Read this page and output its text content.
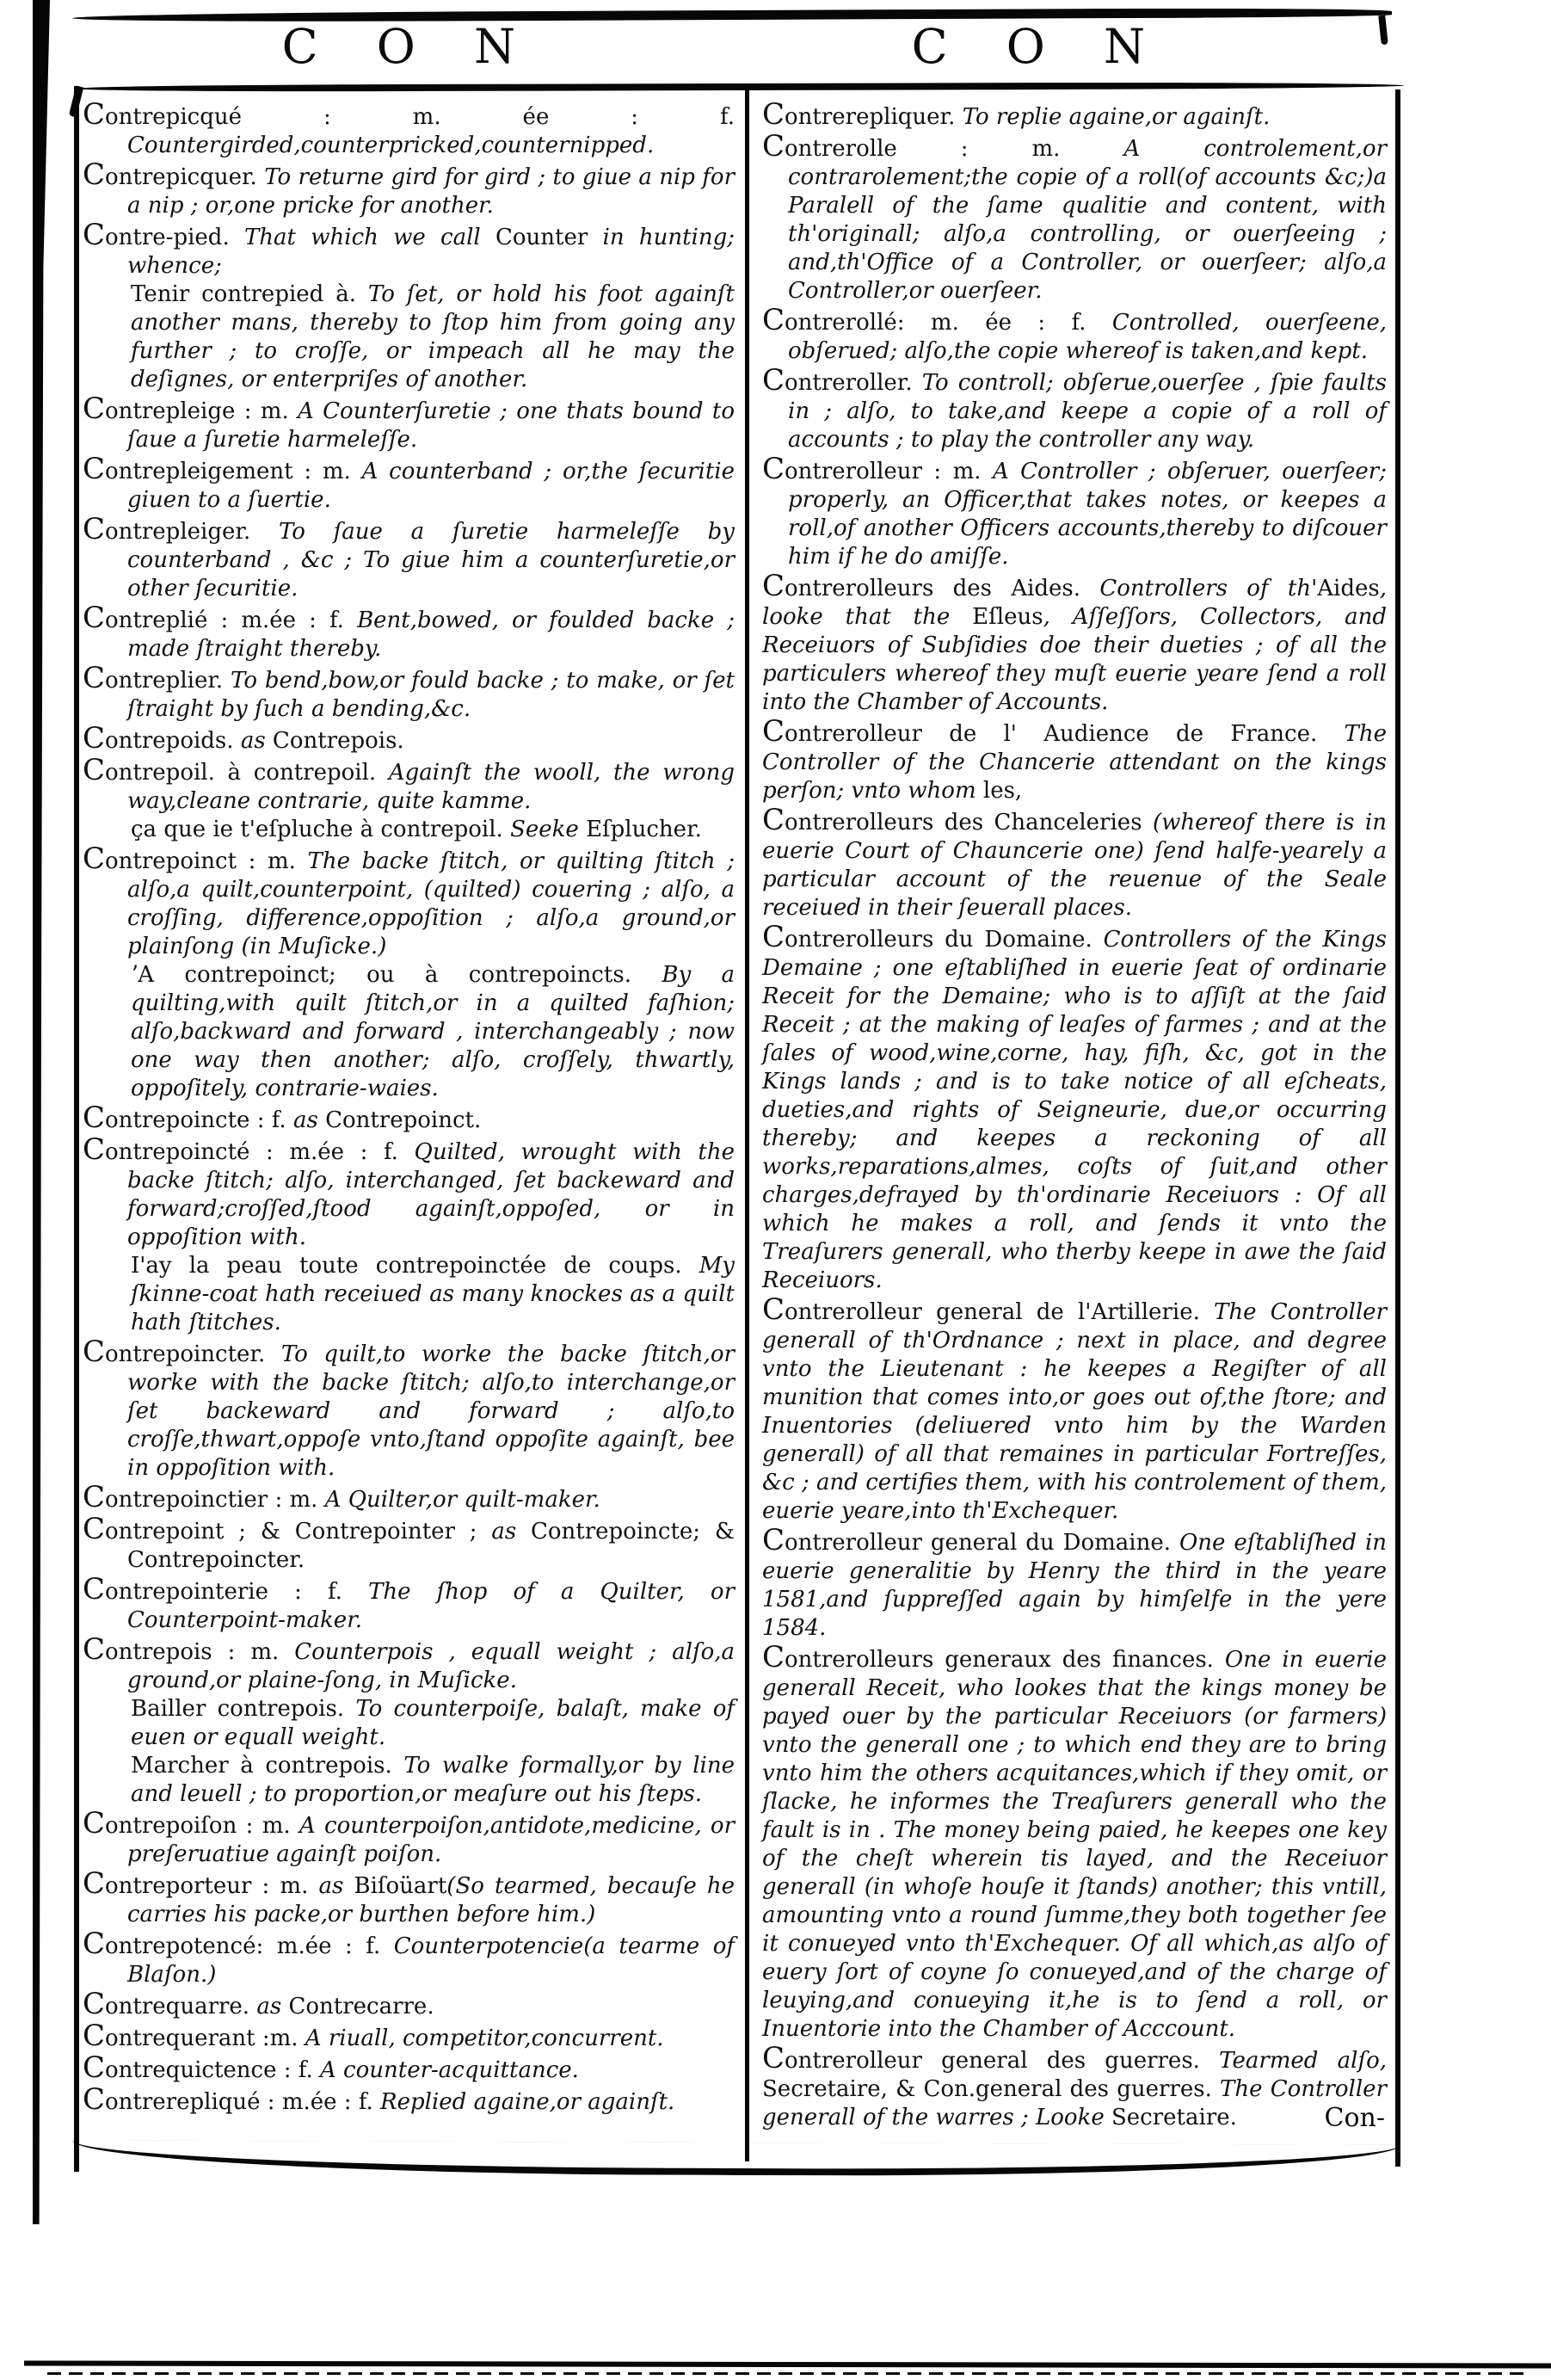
C O N	C O N

Contrepicqué : m. ée : f. Countergirded,counterpricked,counternipped.

Contrepicquer. To returne gird for gird ; to giue a nip for a nip ; or,one pricke for another.

Contre-pied. That which we call Counter in hunting; whence;

Tenir contrepied à. To ſet, or hold his foot againſt another mans, thereby to ſtop him from going any further ; to croſſe, or impeach all he may the deſignes, or enterpriſes of another.

Contrepleige : m. A Counterſuretie ; one thats bound to ſaue a ſuretie harmeleſſe.

Contrepleigement : m. A counterband ; or,the ſecuritie giuen to a ſuertie.

Contrepleiger. To ſaue a ſuretie harmeleſſe by counterband , &c ; To giue him a counterſuretie,or other ſecuritie.

Contreplié : m.ée : f. Bent,bowed, or foulded backe ; made ſtraight thereby.

Contreplier. To bend,bow,or fould backe ; to make, or ſet ſtraight by ſuch a bending,&c.

Contrepoids. as Contrepois.

Contrepoil. à contrepoil. Againſt the wooll, the wrong way,cleane contrarie, quite kamme.

ça que ie t'eſpluche à contrepoil. Seeke Eſplucher.

Contrepoinct : m. The backe ſtitch, or quilting ſtitch ; alſo,a quilt,counterpoint, (quilted) couering ; alſo, a croſſing, difference,oppoſition ; alſo,a ground,or plainſong (in Muſicke.)

ʼA contrepoinct; ou à contrepoincts. By a quilting,with quilt ſtitch,or in a quilted faſhion; alſo,backward and forward , interchangeably ; now one way then another; alſo, croſſely, thwartly, oppoſitely, contrarie-waies.

Contrepoincte : f. as Contrepoinct.

Contrepoincté : m.ée : f. Quilted, wrought with the backe ſtitch; alſo, interchanged, ſet backeward and forward;croſſed,ſtood againſt,oppoſed, or in oppoſition with.

I'ay la peau toute contrepoinctée de coups. My ſkinne-coat hath receiued as many knockes as a quilt hath ſtitches.

Contrepoincter. To quilt,to worke the backe ſtitch,or worke with the backe ſtitch; alſo,to interchange,or ſet backeward and forward ; alſo,to croſſe,thwart,oppoſe vnto,ſtand oppoſite againſt, bee in oppoſition with.

Contrepoinctier : m. A Quilter,or quilt-maker.

Contrepoint ; & Contrepointer ; as Contrepoincte; & Contrepoincter.

Contrepointerie : f. The ſhop of a Quilter, or Counterpoint-maker.

Contrepois : m. Counterpois , equall weight ; alſo,a ground,or plaine-ſong, in Muſicke.

Bailler contrepois. To counterpoiſe, balaſt, make of euen or equall weight.

Marcher à contrepois. To walke formally,or by line and leuell ; to proportion,or meaſure out his ſteps.

Contrepoiſon : m. A counterpoiſon,antidote,medicine, or preſeruatiue againſt poiſon.

Contreporteur : m. as Biſoüart(So tearmed, becauſe he carries his packe,or burthen before him.)

Contrepotencé: m.ée : f. Counterpotencie(a tearme of Blaſon.)

Contrequarre. as Contrecarre.

Contrequerant :m. A riuall, competitor,concurrent.

Contrequictence : f. A counter-acquittance.

Contrerepliqué : m.ée : f. Replied againe,or againſt.

Contrerepliquer. To replie againe,or againſt.

Contrerolle : m. A controlement,or contrarolement;the copie of a roll(of accounts &c;)a Paralell of the ſame qualitie and content, with th'originall; alſo,a controlling, or ouerſeeing ; and,th'Office of a Controller, or ouerſeer; alſo,a Controller,or ouerſeer.

Contrerollé: m. ée : f. Controlled, ouerſeene, obſerued; alſo,the copie whereof is taken,and kept.

Contreroller. To controll; obſerue,ouerſee , ſpie faults in ; alſo, to take,and keepe a copie of a roll of accounts ; to play the controller any way.

Contrerolleur : m. A Controller ; obſeruer, ouerſeer; properly, an Officer,that takes notes, or keepes a roll,of another Officers accounts,thereby to diſcouer him if he do amiſſe.

Contrerolleurs des Aides. Controllers of th'Aides, looke that the Eſleus, Aſſeſſors, Collectors, and Receiuors of Subſidies doe their dueties ; of all the particulers whereof they muſt euerie yeare ſend a roll into the Chamber of Accounts.

Contrerolleur de l' Audience de France. The Controller of the Chancerie attendant on the kings perſon; vnto whom les,

Contrerolleurs des Chanceleries (whereof there is in euerie Court of Chauncerie one) ſend halfe-yearely a particular account of the reuenue of the Seale receiued in their ſeuerall places.

Contrerolleurs du Domaine. Controllers of the Kings Demaine ; one eſtabliſhed in euerie ſeat of ordinarie Receit for the Demaine; who is to aſſiſt at the ſaid Receit ; at the making of leaſes of farmes ; and at the ſales of wood,wine,corne, hay, fiſh, &c, got in the Kings lands ; and is to take notice of all eſcheats, dueties,and rights of Seigneurie, due,or occurring thereby; and keepes a reckoning of all works,reparations,almes, coſts of ſuit,and other charges,defrayed by th'ordinarie Receiuors : Of all which he makes a roll, and ſends it vnto the Treaſurers generall, who therby keepe in awe the ſaid Receiuors.

Contrerolleur general de l'Artillerie. The Controller generall of th'Ordnance ; next in place, and degree vnto the Lieutenant : he keepes a Regiſter of all munition that comes into,or goes out of,the ſtore; and Inuentories (deliuered vnto him by the Warden generall) of all that remaines in particular Fortreſſes, &c ; and certifies them, with his controlement of them, euerie yeare,into th'Exchequer.

Contrerolleur general du Domaine. One eſtabliſhed in euerie generalitie by Henry the third in the yeare 1581,and ſuppreſſed again by himſelfe in the yere 1584.

Contrerolleurs generaux des finances. One in euerie generall Receit, who lookes that the kings money be payed ouer by the particular Receiuors (or farmers) vnto the generall one ; to which end they are to bring vnto him the others acquitances,which if they omit, or ſlacke, he informes the Treaſurers generall who the fault is in . The money being paied, he keepes one key of the cheſt wherein tis layed, and the Receiuor generall (in whoſe houſe it ſtands) another; this vntill, amounting vnto a round ſumme,they both together ſee it conueyed vnto th'Exchequer. Of all which,as alſo of euery ſort of coyne ſo conueyed,and of the charge of leuying,and conueying it,he is to ſend a roll, or Inuentorie into the Chamber of Acccount.

Contrerolleur general des guerres. Tearmed alſo, Secretaire, & Con.general des guerres. The Controller generall of the warres ; Looke Secretaire.	Con-
